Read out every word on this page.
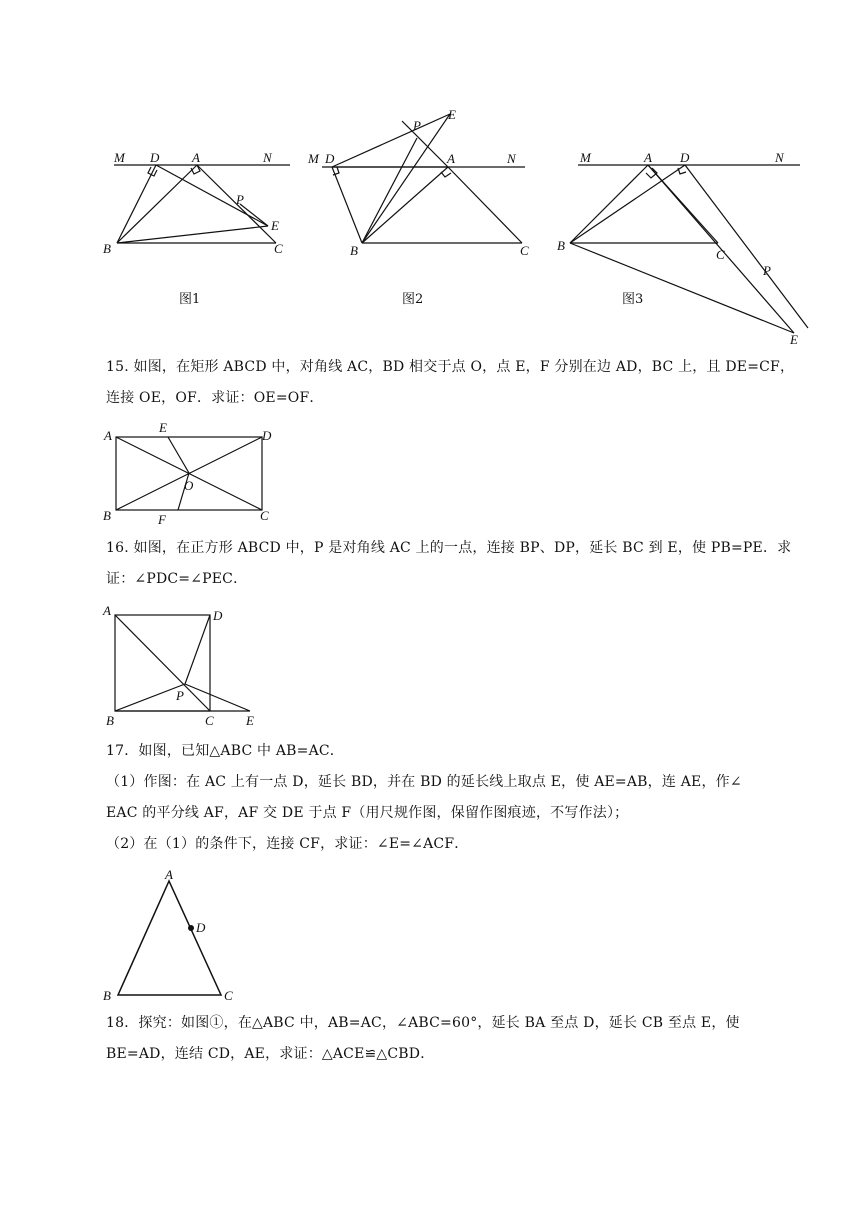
M D	A	N
P
E
B	C
图1
P
E
M D	A	N
B	C
图2
M	A D	N
B
C
P
E
图3
15. 如图，在矩形 ABCD 中，对角线 AC，BD 相交于点 O，点 E，F 分别在边 AD，BC 上，且 DE=CF，
连接 OE，OF．求证：OE=OF．
A
E
D
O
B	F	C
16. 如图，在正方形 ABCD 中，P 是对角线 AC 上的一点，连接 BP、DP，延长 BC 到 E，使 PB=PE．求
证：∠PDC=∠PEC．
A	D
P
B	C E
17．如图，已知△ABC 中 AB=AC．
（1）作图：在 AC 上有一点 D，延长 BD，并在 BD 的延长线上取点 E，使 AE=AB，连 AE，作∠
EAC 的平分线 AF，AF 交 DE 于点 F（用尺规作图，保留作图痕迹，不写作法）；
（2）在（1）的条件下，连接 CF，求证：∠E=∠ACF．
A
D
B	C
18．探究：如图①，在△ABC 中，AB=AC，∠ABC=60°，延长 BA 至点 D，延长 CB 至点 E，使
BE=AD，连结 CD，AE，求证：△ACE≌△CBD．
